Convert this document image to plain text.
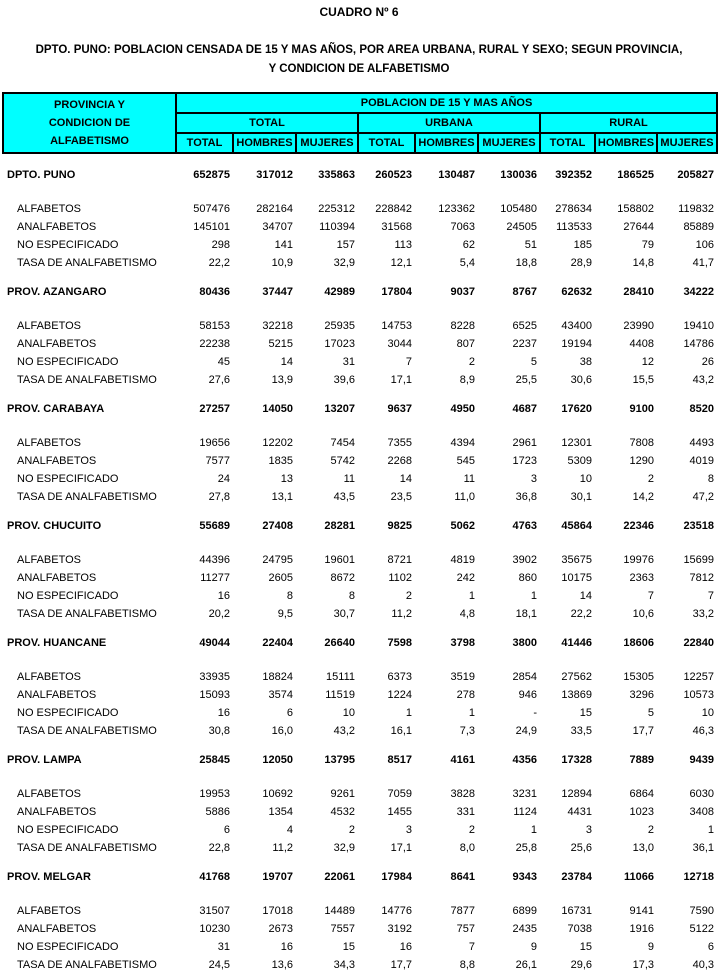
CUADRO Nº 6
DPTO. PUNO: POBLACION CENSADA DE 15 Y MAS AÑOS, POR AREA URBANA, RURAL Y SEXO; SEGUN PROVINCIA,
Y CONDICION DE ALFABETISMO
PROVINCIA Y
CONDICION DE
ALFABETISMO	POBLACION DE 15 Y MAS AÑOS								
	TOTAL			URBANA			RURAL		
	TOTAL	HOMBRES	MUJERES	TOTAL	HOMBRES	MUJERES	TOTAL	HOMBRES	MUJERES

DPTO. PUNO	652875	317012	335863	260523	130487	130036	392352	186525	205827

ALFABETOS	507476	282164	225312	228842	123362	105480	278634	158802	119832
ANALFABETOS	145101	34707	110394	31568	7063	24505	113533	27644	85889
NO ESPECIFICADO	298	141	157	113	62	51	185	79	106
TASA DE ANALFABETISMO	22,2	10,9	32,9	12,1	5,4	18,8	28,9	14,8	41,7

PROV. AZANGARO	80436	37447	42989	17804	9037	8767	62632	28410	34222

ALFABETOS	58153	32218	25935	14753	8228	6525	43400	23990	19410
ANALFABETOS	22238	5215	17023	3044	807	2237	19194	4408	14786
NO ESPECIFICADO	45	14	31	7	2	5	38	12	26
TASA DE ANALFABETISMO	27,6	13,9	39,6	17,1	8,9	25,5	30,6	15,5	43,2

PROV. CARABAYA	27257	14050	13207	9637	4950	4687	17620	9100	8520

ALFABETOS	19656	12202	7454	7355	4394	2961	12301	7808	4493
ANALFABETOS	7577	1835	5742	2268	545	1723	5309	1290	4019
NO ESPECIFICADO	24	13	11	14	11	3	10	2	8
TASA DE ANALFABETISMO	27,8	13,1	43,5	23,5	11,0	36,8	30,1	14,2	47,2

PROV. CHUCUITO	55689	27408	28281	9825	5062	4763	45864	22346	23518

ALFABETOS	44396	24795	19601	8721	4819	3902	35675	19976	15699
ANALFABETOS	11277	2605	8672	1102	242	860	10175	2363	7812
NO ESPECIFICADO	16	8	8	2	1	1	14	7	7
TASA DE ANALFABETISMO	20,2	9,5	30,7	11,2	4,8	18,1	22,2	10,6	33,2

PROV. HUANCANE	49044	22404	26640	7598	3798	3800	41446	18606	22840

ALFABETOS	33935	18824	15111	6373	3519	2854	27562	15305	12257
ANALFABETOS	15093	3574	11519	1224	278	946	13869	3296	10573
NO ESPECIFICADO	16	6	10	1	1	-	15	5	10
TASA DE ANALFABETISMO	30,8	16,0	43,2	16,1	7,3	24,9	33,5	17,7	46,3

PROV. LAMPA	25845	12050	13795	8517	4161	4356	17328	7889	9439

ALFABETOS	19953	10692	9261	7059	3828	3231	12894	6864	6030
ANALFABETOS	5886	1354	4532	1455	331	1124	4431	1023	3408
NO ESPECIFICADO	6	4	2	3	2	1	3	2	1
TASA DE ANALFABETISMO	22,8	11,2	32,9	17,1	8,0	25,8	25,6	13,0	36,1

PROV. MELGAR	41768	19707	22061	17984	8641	9343	23784	11066	12718

ALFABETOS	31507	17018	14489	14776	7877	6899	16731	9141	7590
ANALFABETOS	10230	2673	7557	3192	757	2435	7038	1916	5122
NO ESPECIFICADO	31	16	15	16	7	9	15	9	6
TASA DE ANALFABETISMO	24,5	13,6	34,3	17,7	8,8	26,1	29,6	17,3	40,3
